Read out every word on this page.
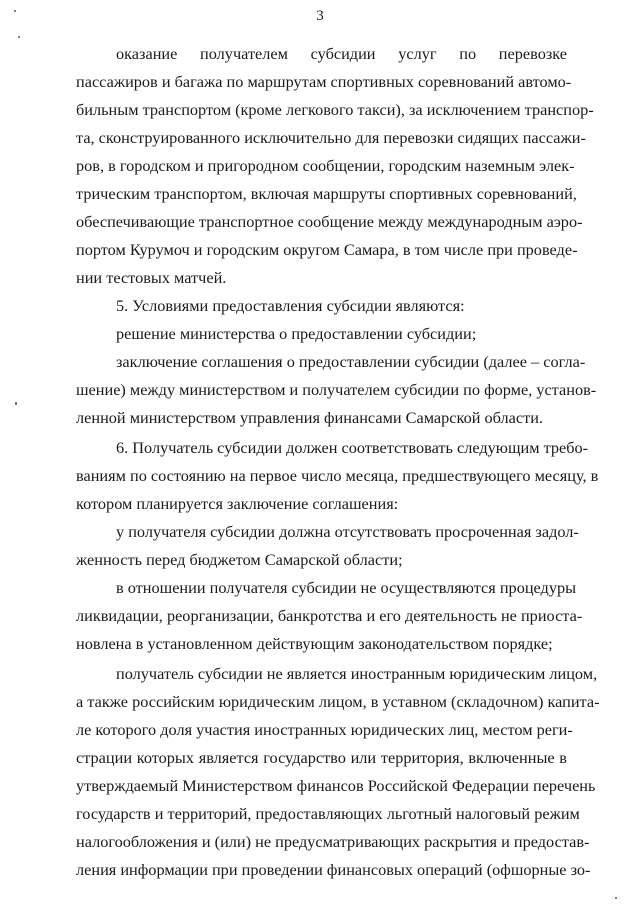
3
оказание получателем субсидии услуг по перевозке
пассажиров и багажа по маршрутам спортивных соревнований автомо-
бильным транспортом (кроме легкового такси), за исключением транспор-
та, сконструированного исключительно для перевозки сидящих пассажи-
ров, в городском и пригородном сообщении, городским наземным элек-
трическим транспортом, включая маршруты спортивных соревнований,
обеспечивающие транспортное сообщение между международным аэро-
портом Курумоч и городским округом Самара, в том числе при проведе-
нии тестовых матчей.
5. Условиями предоставления субсидии являются:
решение министерства о предоставлении субсидии;
заключение соглашения о предоставлении субсидии (далее – согла-
шение) между министерством и получателем субсидии по форме, установ-
ленной министерством управления финансами Самарской области.
6. Получатель субсидии должен соответствовать следующим требо-
ваниям по состоянию на первое число месяца, предшествующего месяцу, в
котором планируется заключение соглашения:
у получателя субсидии должна отсутствовать просроченная задол-
женность перед бюджетом Самарской области;
в отношении получателя субсидии не осуществляются процедуры
ликвидации, реорганизации, банкротства и его деятельность не приоста-
новлена в установленном действующим законодательством порядке;
получатель субсидии не является иностранным юридическим лицом,
а также российским юридическим лицом, в уставном (складочном) капита-
ле которого доля участия иностранных юридических лиц, местом реги-
страции которых является государство или территория, включенные в
утверждаемый Министерством финансов Российской Федерации перечень
государств и территорий, предоставляющих льготный налоговый режим
налогообложения и (или) не предусматривающих раскрытия и предостав-
ления информации при проведении финансовых операций (офшорные зо-
